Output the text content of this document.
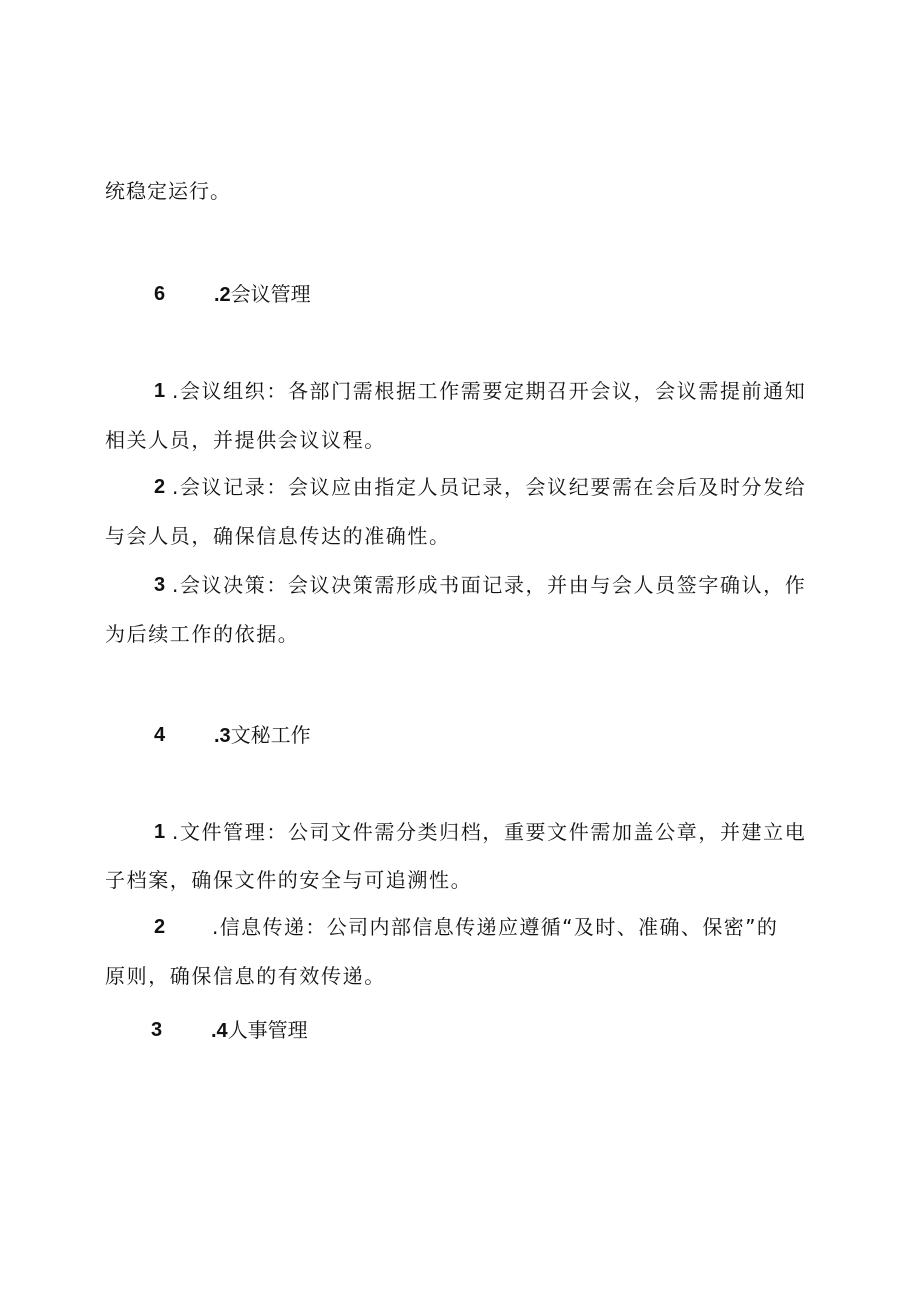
统稳定运行。
6 .2会议管理
1 .会议组织：各部门需根据工作需要定期召开会议，会议需提前通知
相关人员，并提供会议议程。
2 .会议记录：会议应由指定人员记录，会议纪要需在会后及时分发给
与会人员，确保信息传达的准确性。
3 .会议决策：会议决策需形成书面记录，并由与会人员签字确认，作
为后续工作的依据。
4 .3文秘工作
1 .文件管理：公司文件需分类归档，重要文件需加盖公章，并建立电
子档案，确保文件的安全与可追溯性。
2 .信息传递：公司内部信息传递应遵循“及时、准确、保密”的
原则，确保信息的有效传递。
3 .4人事管理
